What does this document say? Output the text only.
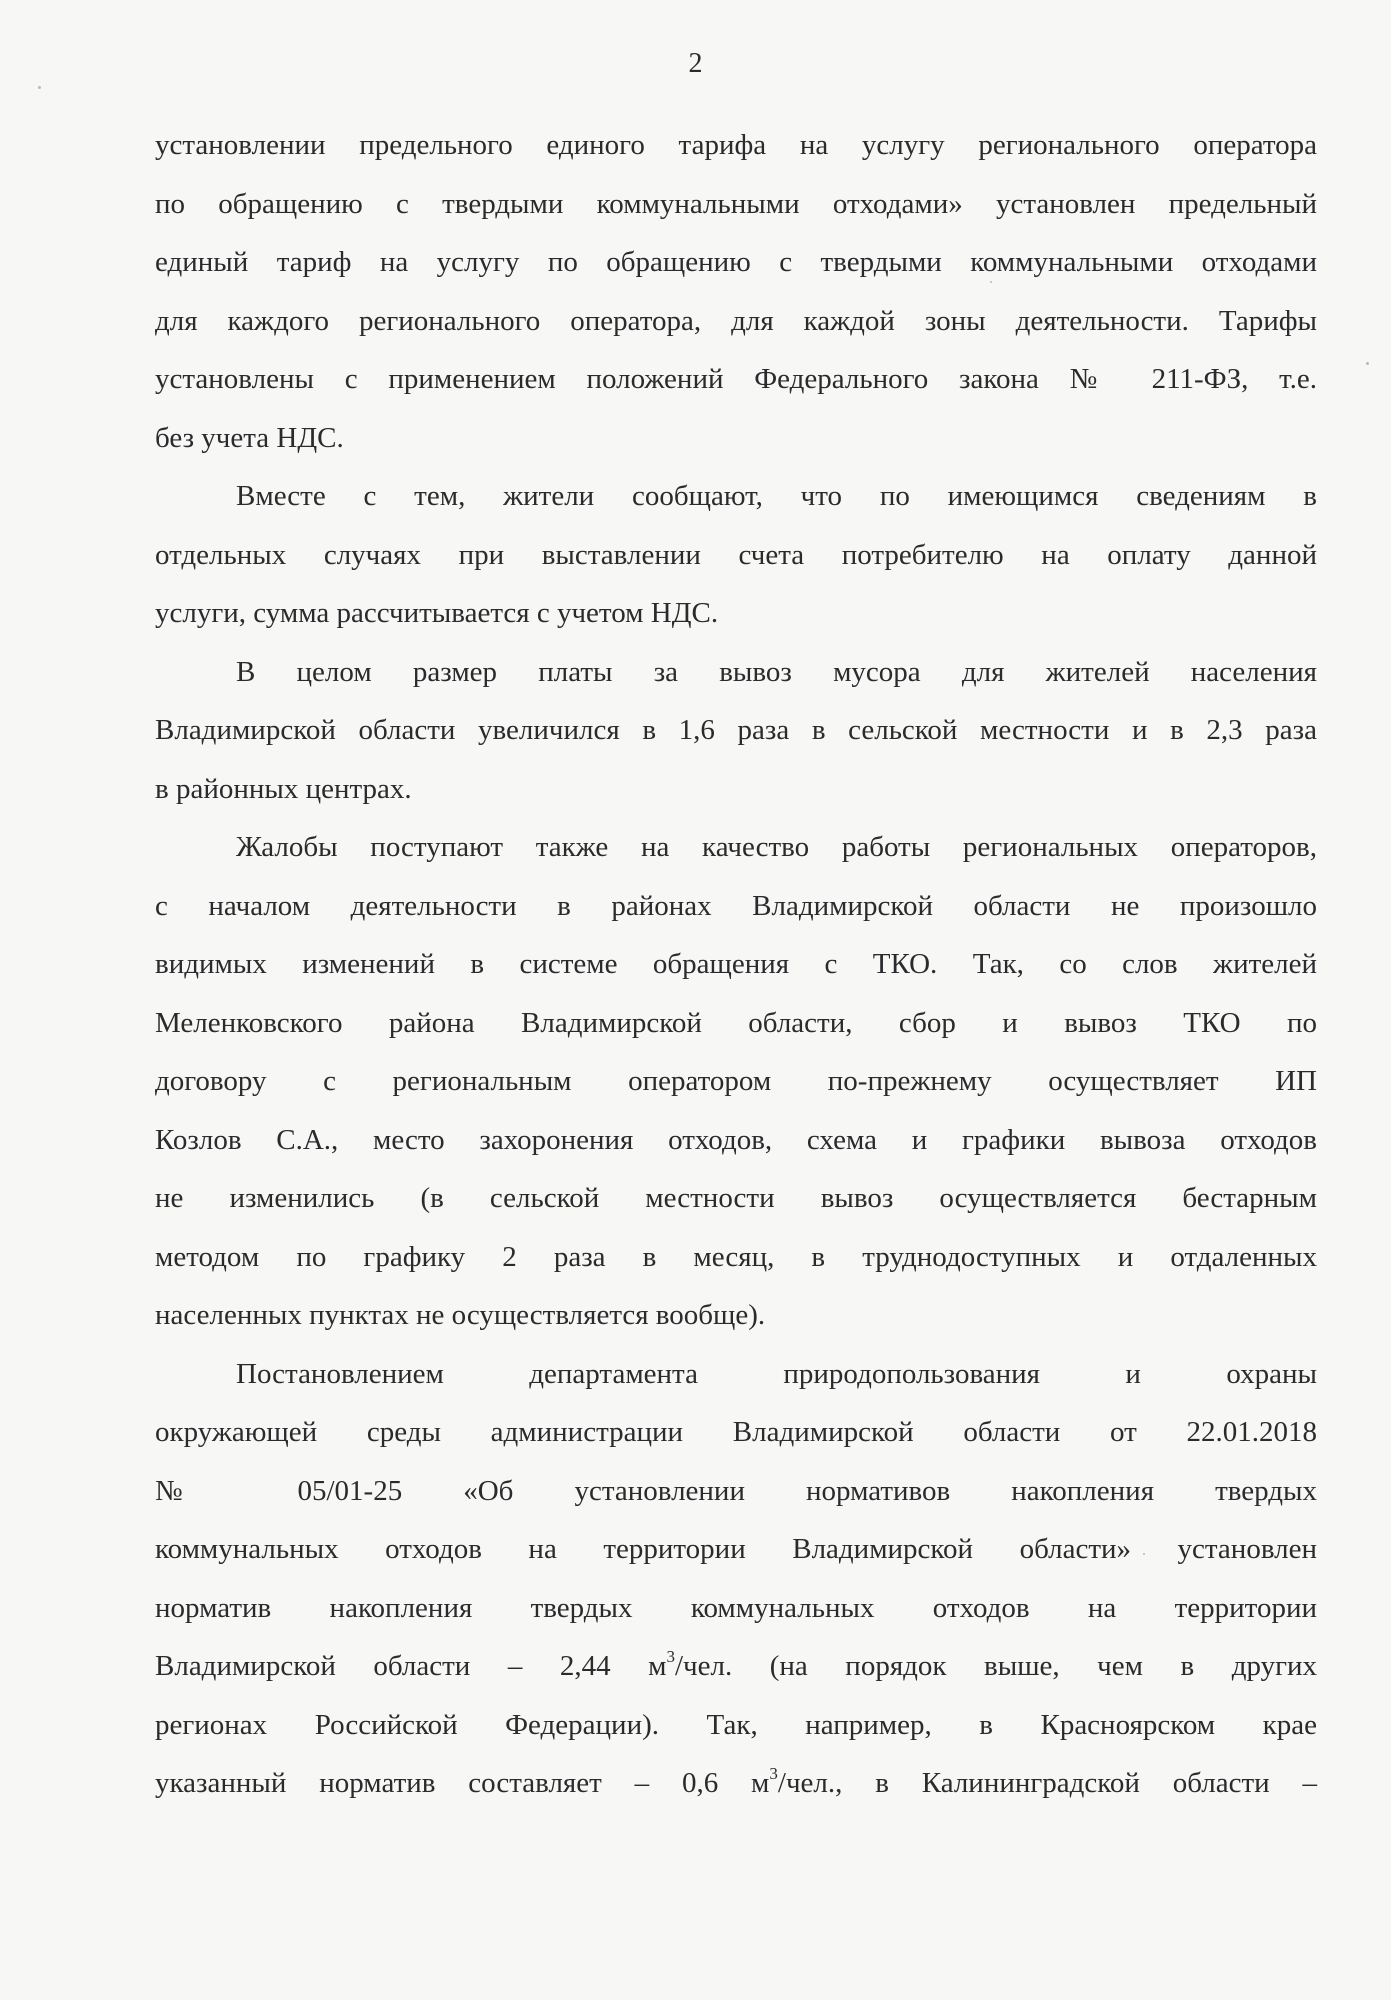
2
установлении предельного единого тарифа на услугу регионального оператора
по обращению с твердыми коммунальными отходами» установлен предельный
единый тариф на услугу по обращению с твердыми коммунальными отходами
для каждого регионального оператора, для каждой зоны деятельности. Тарифы
установлены с применением положений Федерального закона № 211-ФЗ, т.е.
без учета НДС.
Вместе с тем, жители сообщают, что по имеющимся сведениям в
отдельных случаях при выставлении счета потребителю на оплату данной
услуги, сумма рассчитывается с учетом НДС.
В целом размер платы за вывоз мусора для жителей населения
Владимирской области увеличился в 1,6 раза в сельской местности и в 2,3 раза
в районных центрах.
Жалобы поступают также на качество работы региональных операторов,
с началом деятельности в районах Владимирской области не произошло
видимых изменений в системе обращения с ТКО. Так, со слов жителей
Меленковского района Владимирской области, сбор и вывоз ТКО по
договору с региональным оператором по-прежнему осуществляет ИП
Козлов С.А., место захоронения отходов, схема и графики вывоза отходов
не изменились (в сельской местности вывоз осуществляется бестарным
методом по графику 2 раза в месяц, в труднодоступных и отдаленных
населенных пунктах не осуществляется вообще).
Постановлением департамента природопользования и охраны
окружающей среды администрации Владимирской области от 22.01.2018
№ 05/01-25 «Об установлении нормативов накопления твердых
коммунальных отходов на территории Владимирской области» установлен
норматив накопления твердых коммунальных отходов на территории
Владимирской области – 2,44 $м^3$/чел. (на порядок выше, чем в других
регионах Российской Федерации). Так, например, в Красноярском крае
указанный норматив составляет – 0,6 $м^3$/чел., в Калининградской области –
